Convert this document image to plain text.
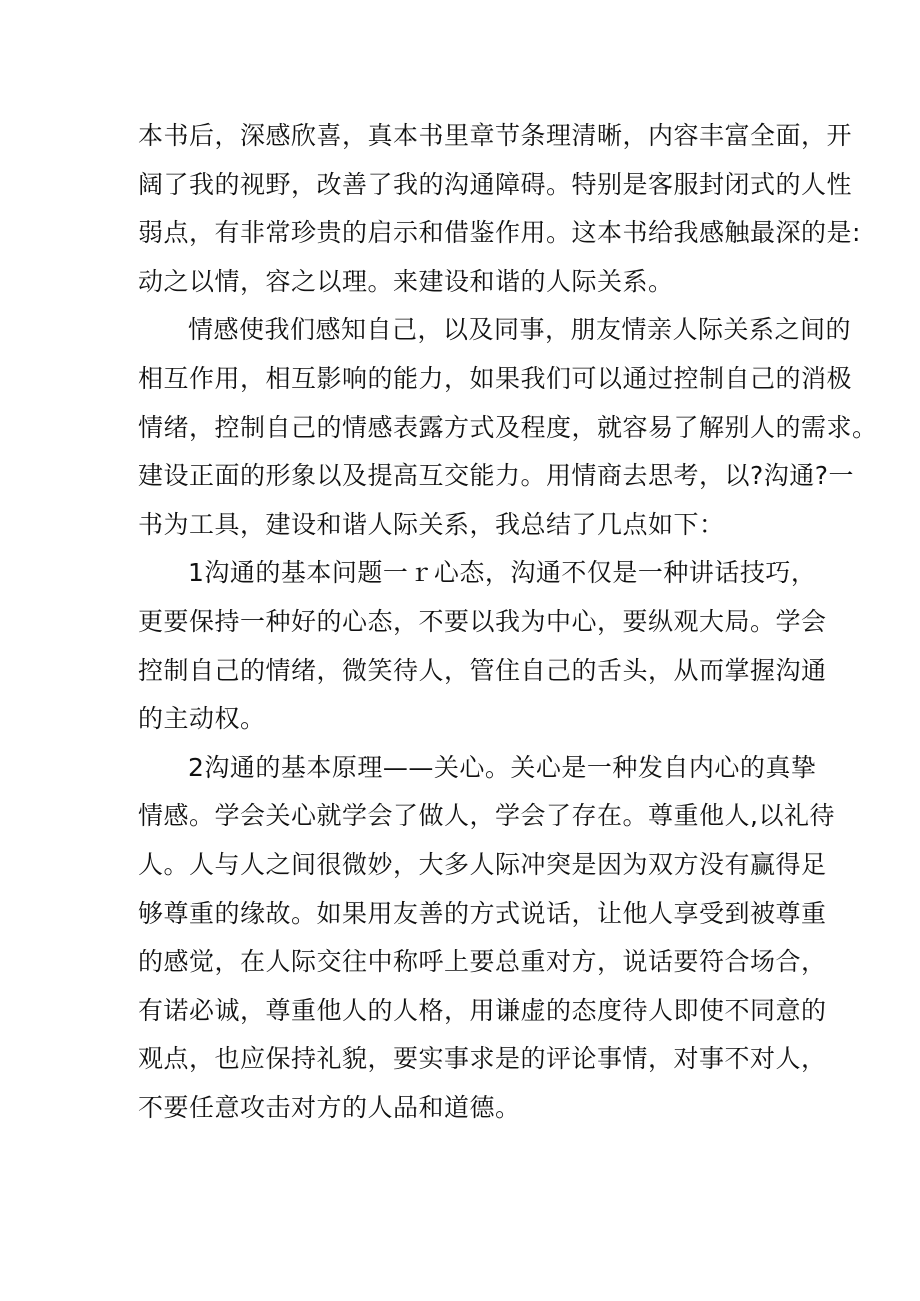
本书后，深感欣喜，真本书里章节条理清晰，内容丰富全面，开
阔了我的视野，改善了我的沟通障碍。特别是客服封闭式的人性
弱点，有非常珍贵的启示和借鉴作用。这本书给我感触最深的是:
动之以情，容之以理。来建设和谐的人际关系。
情感使我们感知自己，以及同事，朋友情亲人际关系之间的
相互作用，相互影响的能力，如果我们可以通过控制自己的消极
情绪，控制自己的情感表露方式及程度，就容易了解别人的需求。
建设正面的形象以及提高互交能力。用情商去思考，以?沟通?一
书为工具，建设和谐人际关系，我总结了几点如下：
1沟通的基本问题一ｒ心态，沟通不仅是一种讲话技巧，
更要保持一种好的心态，不要以我为中心，要纵观大局。学会
控制自己的情绪，微笑待人，管住自己的舌头，从而掌握沟通
的主动权。
2沟通的基本原理——关心。关心是一种发自内心的真挚
情感。学会关心就学会了做人，学会了存在。尊重他人,以礼待
人。人与人之间很微妙，大多人际冲突是因为双方没有赢得足
够尊重的缘故。如果用友善的方式说话，让他人享受到被尊重
的感觉，在人际交往中称呼上要总重对方，说话要符合场合，
有诺必诚，尊重他人的人格，用谦虚的态度待人即使不同意的
观点，也应保持礼貌，要实事求是的评论事情，对事不对人，
不要任意攻击对方的人品和道德。
